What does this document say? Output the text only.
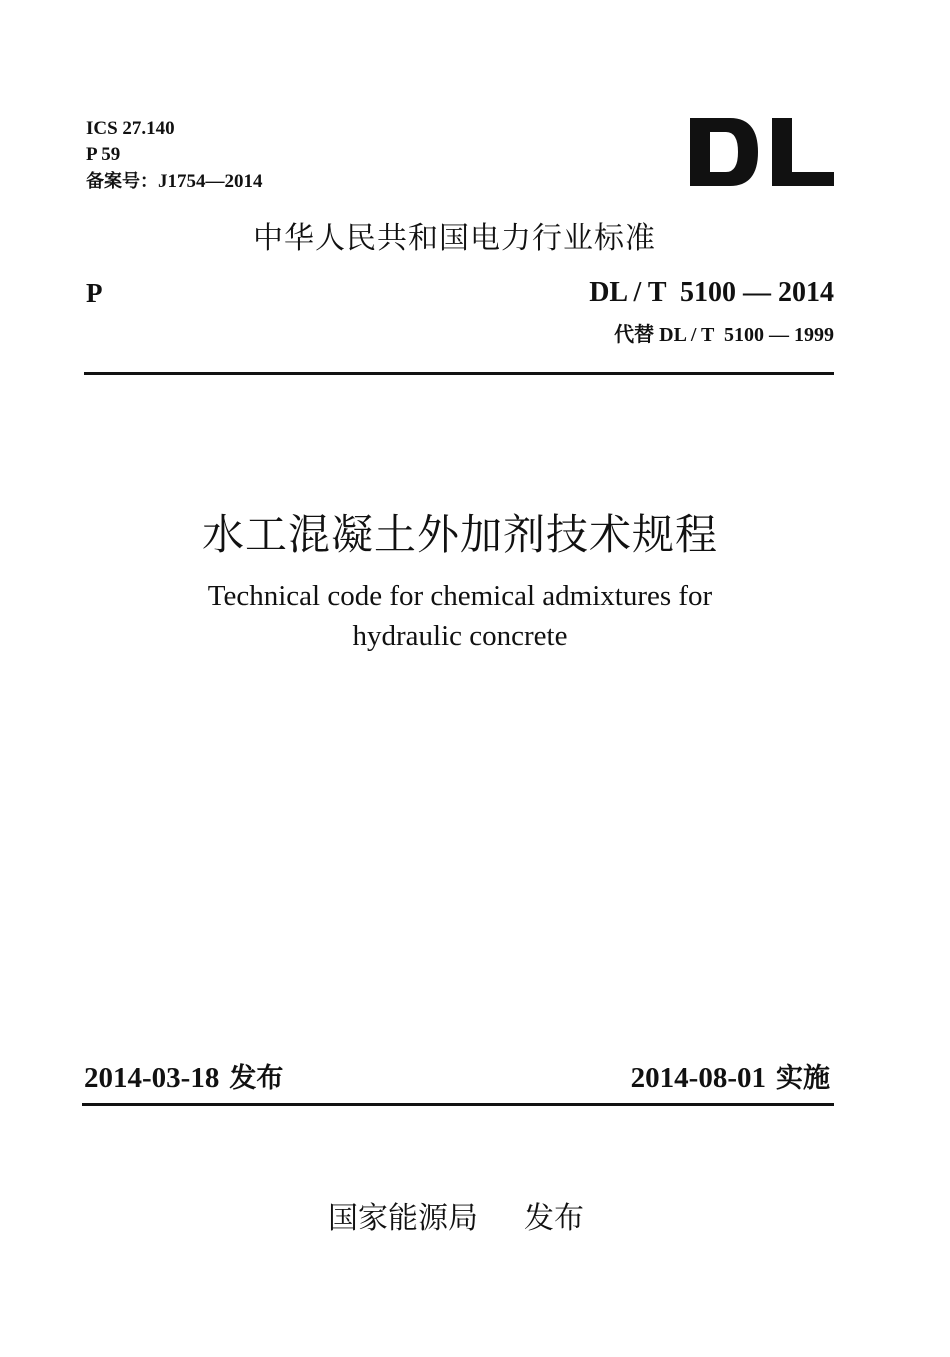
ICS 27.140
P 59
备案号：J1754—2014
中华人民共和国电力行业标准
P	DL / T  5100 — 2014
代替 DL / T  5100 — 1999
水工混凝土外加剂技术规程
Technical code for chemical admixtures for
hydraulic concrete
2014-03-18 发布	2014-08-01 实施
国家能源局 发布
